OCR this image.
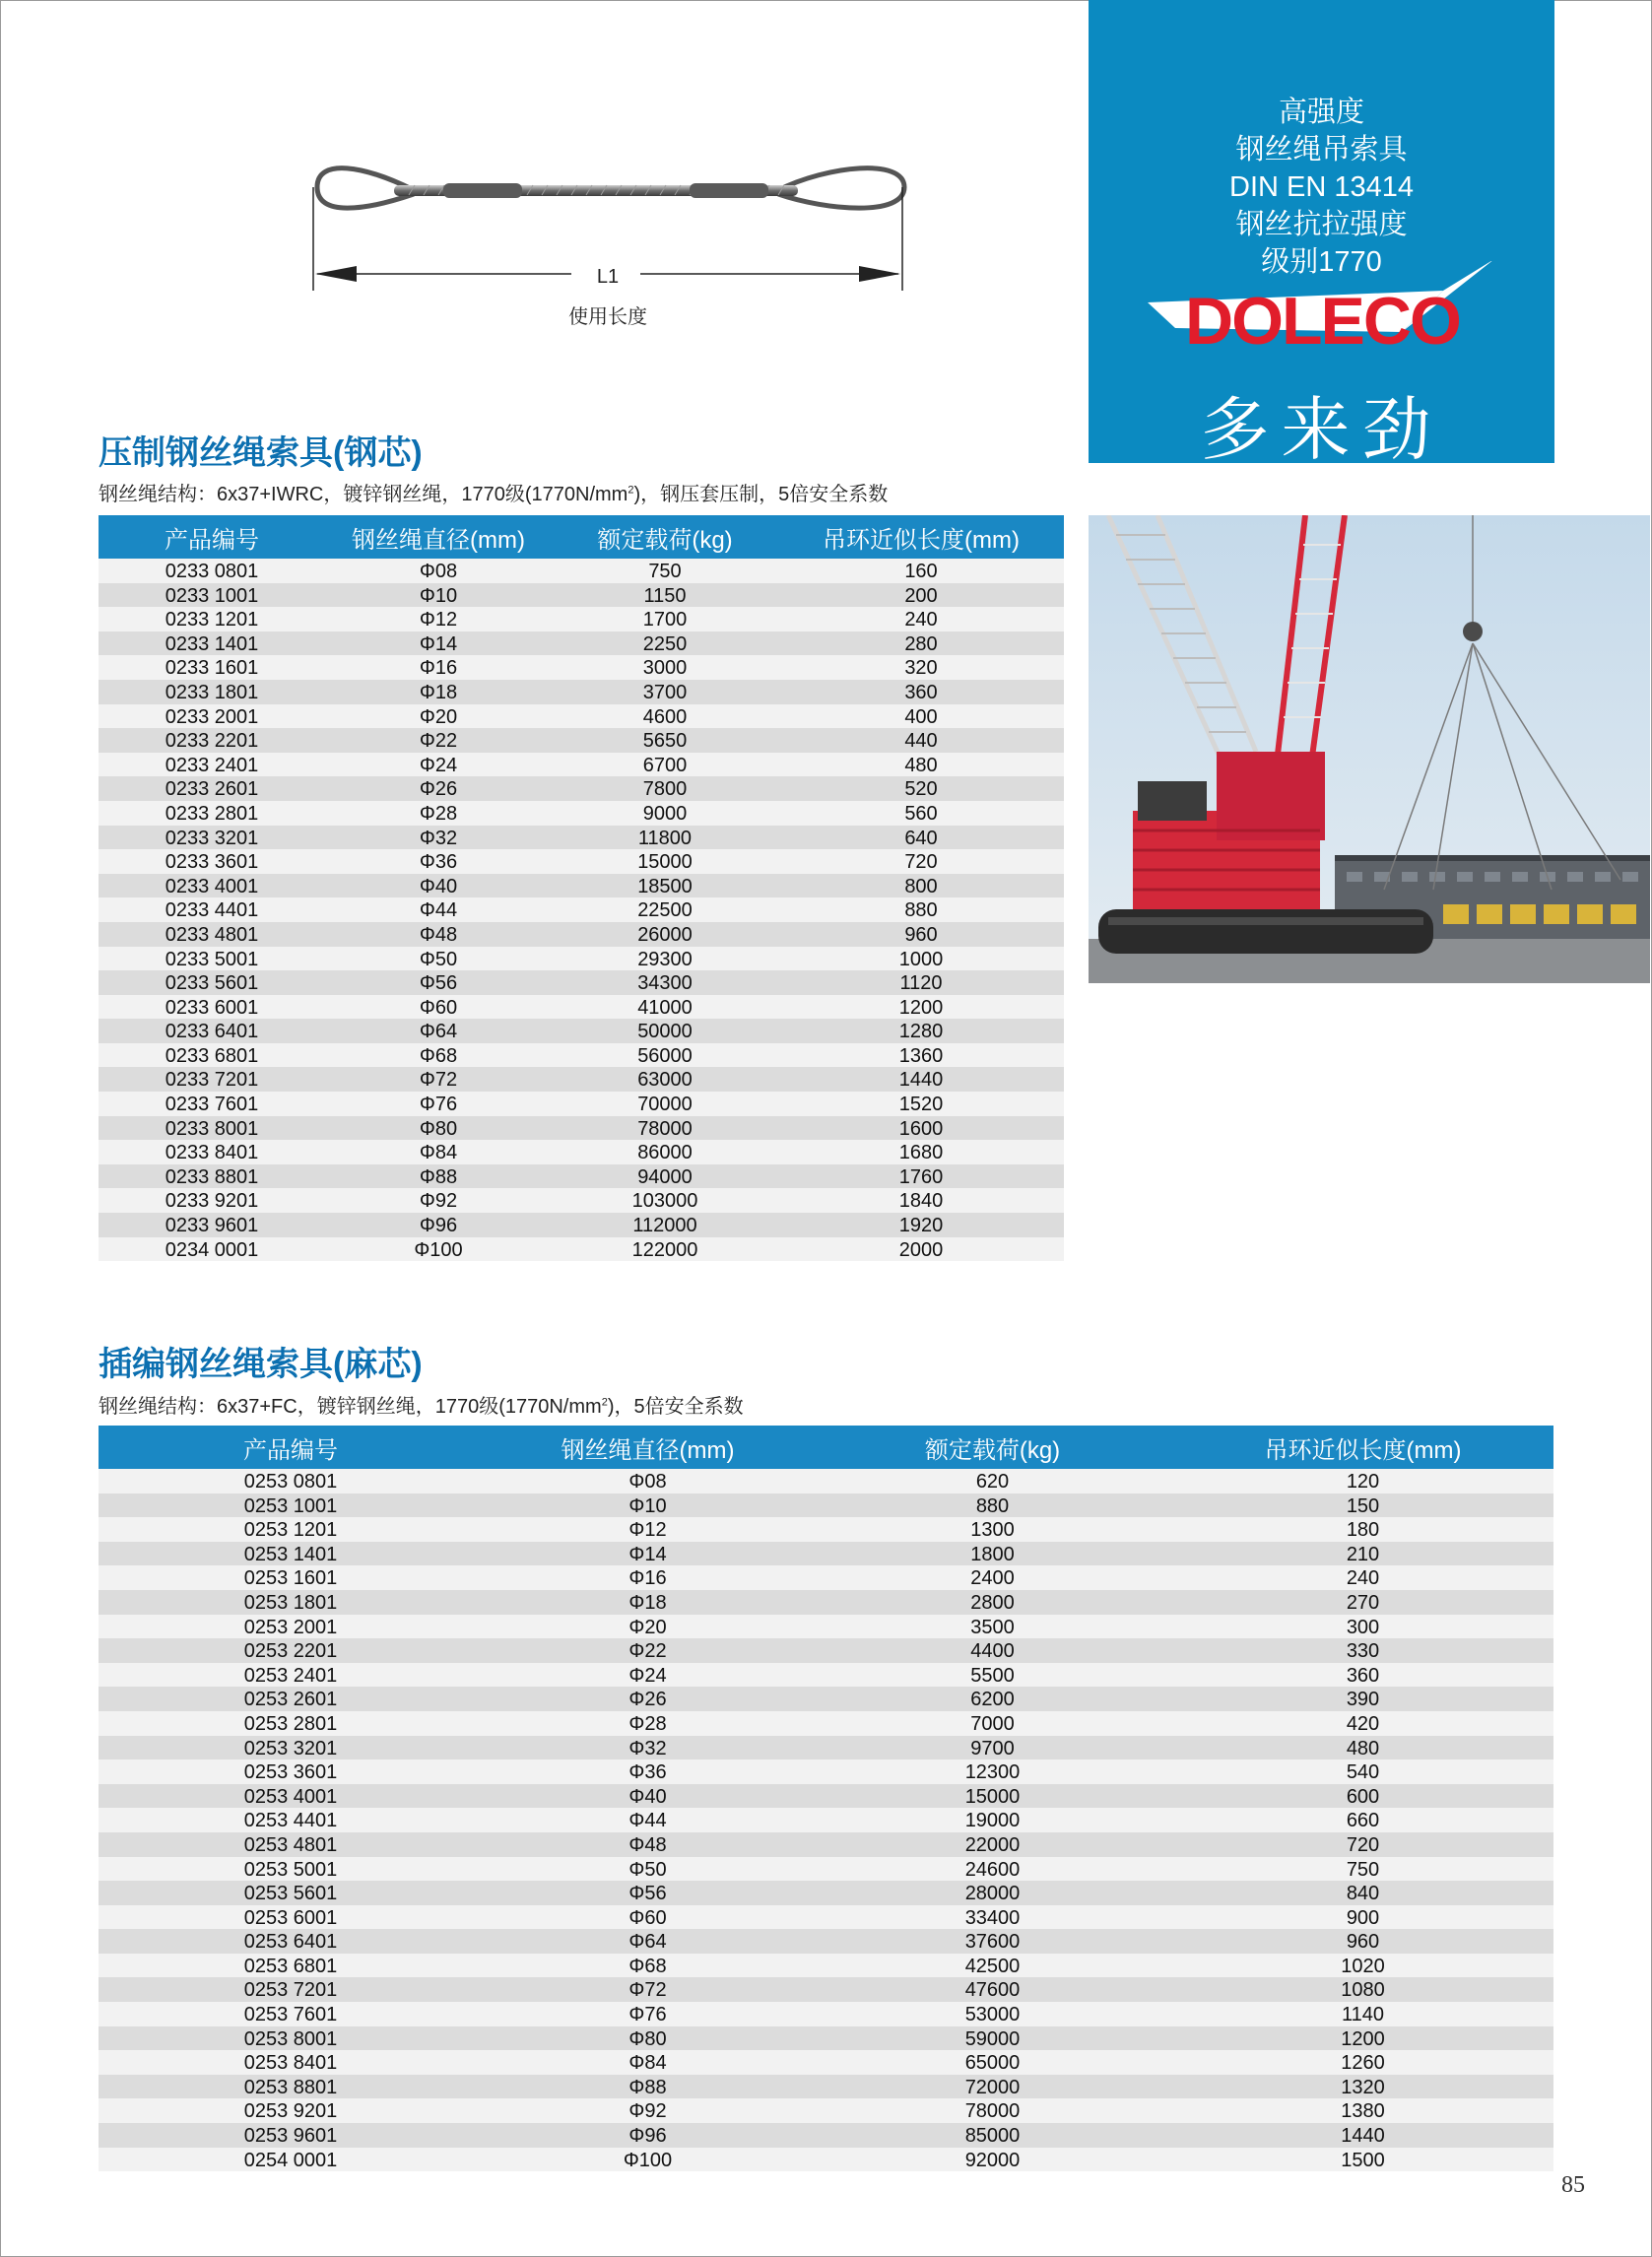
L1
使用长度
高强度
钢丝绳吊索具
DIN EN 13414
钢丝抗拉强度
级别1770
DOLECO
多来劲
压制钢丝绳索具(钢芯)
钢丝绳结构：6x37+IWRC，镀锌钢丝绳，1770级$(1770N/mm^2)$，钢压套压制，5倍安全系数
产品编号	钢丝绳直径(mm)	额定载荷(kg)	吊环近似长度(mm)
0233 0801	Φ08	750	160
0233 1001	Φ10	1150	200
0233 1201	Φ12	1700	240
0233 1401	Φ14	2250	280
0233 1601	Φ16	3000	320
0233 1801	Φ18	3700	360
0233 2001	Φ20	4600	400
0233 2201	Φ22	5650	440
0233 2401	Φ24	6700	480
0233 2601	Φ26	7800	520
0233 2801	Φ28	9000	560
0233 3201	Φ32	11800	640
0233 3601	Φ36	15000	720
0233 4001	Φ40	18500	800
0233 4401	Φ44	22500	880
0233 4801	Φ48	26000	960
0233 5001	Φ50	29300	1000
0233 5601	Φ56	34300	1120
0233 6001	Φ60	41000	1200
0233 6401	Φ64	50000	1280
0233 6801	Φ68	56000	1360
0233 7201	Φ72	63000	1440
0233 7601	Φ76	70000	1520
0233 8001	Φ80	78000	1600
0233 8401	Φ84	86000	1680
0233 8801	Φ88	94000	1760
0233 9201	Φ92	103000	1840
0233 9601	Φ96	112000	1920
0234 0001	Φ100	122000	2000
插编钢丝绳索具(麻芯)
钢丝绳结构：6x37+FC，镀锌钢丝绳，1770级$(1770N/mm^2)$，5倍安全系数
产品编号	钢丝绳直径(mm)	额定载荷(kg)	吊环近似长度(mm)
0253 0801	Φ08	620	120
0253 1001	Φ10	880	150
0253 1201	Φ12	1300	180
0253 1401	Φ14	1800	210
0253 1601	Φ16	2400	240
0253 1801	Φ18	2800	270
0253 2001	Φ20	3500	300
0253 2201	Φ22	4400	330
0253 2401	Φ24	5500	360
0253 2601	Φ26	6200	390
0253 2801	Φ28	7000	420
0253 3201	Φ32	9700	480
0253 3601	Φ36	12300	540
0253 4001	Φ40	15000	600
0253 4401	Φ44	19000	660
0253 4801	Φ48	22000	720
0253 5001	Φ50	24600	750
0253 5601	Φ56	28000	840
0253 6001	Φ60	33400	900
0253 6401	Φ64	37600	960
0253 6801	Φ68	42500	1020
0253 7201	Φ72	47600	1080
0253 7601	Φ76	53000	1140
0253 8001	Φ80	59000	1200
0253 8401	Φ84	65000	1260
0253 8801	Φ88	72000	1320
0253 9201	Φ92	78000	1380
0253 9601	Φ96	85000	1440
0254 0001	Φ100	92000	1500
85
